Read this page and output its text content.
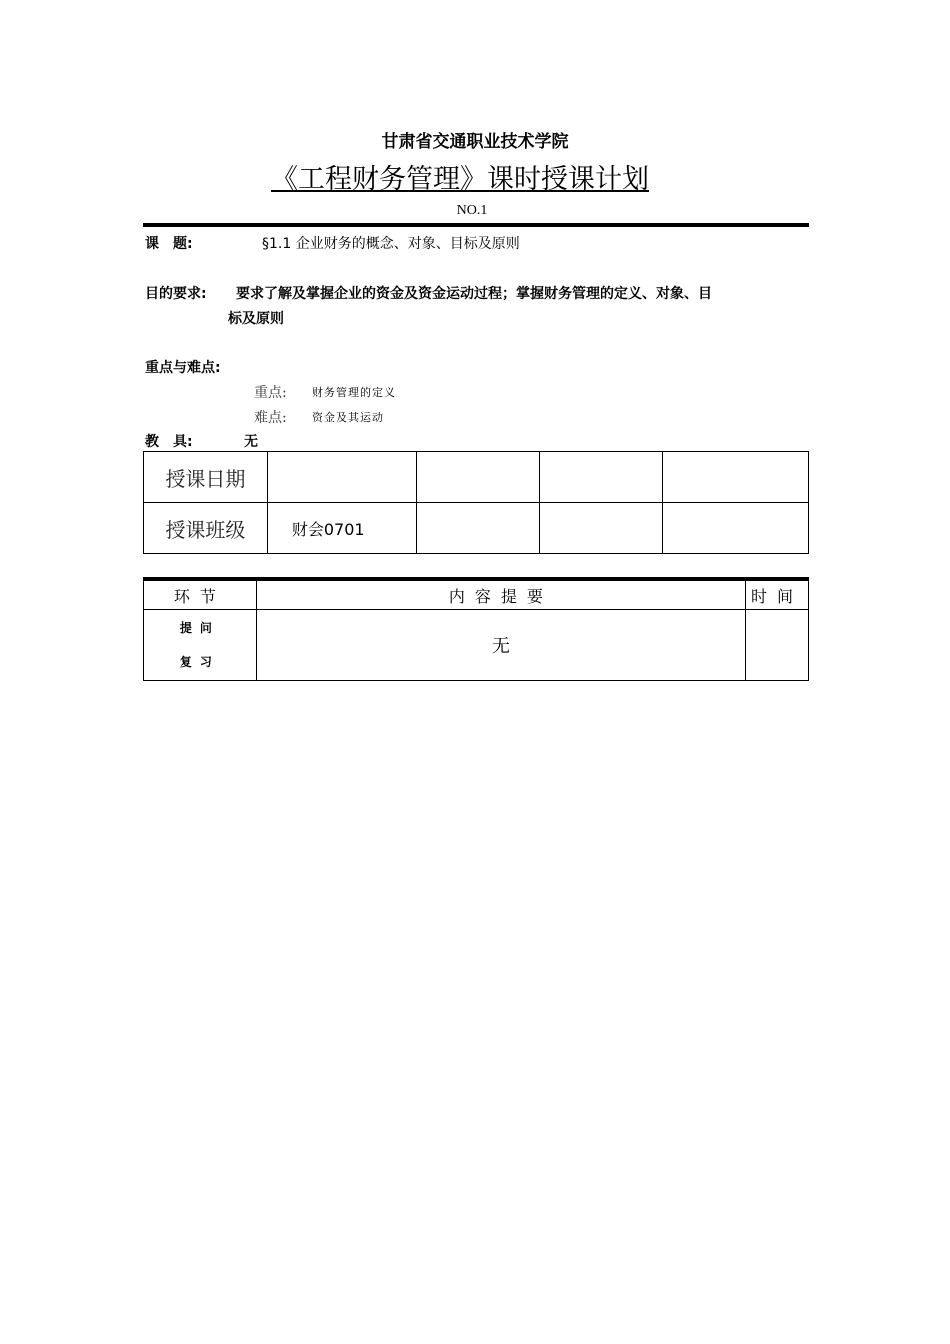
甘肃省交通职业技术学院
《工程财务管理》课时授课计划
NO.1
课　题:	§1.1 企业财务的概念、对象、目标及原则
目的要求: 要求了解及掌握企业的资金及资金运动过程；掌握财务管理的定义、对象、目
标及原则
重点与难点:
重点: 财务管理的定义
难点: 资金及其运动
教　具:	无
授课日期				
授课班级	财会0701			
环节	内容提要	时间

提问
复习	无	
